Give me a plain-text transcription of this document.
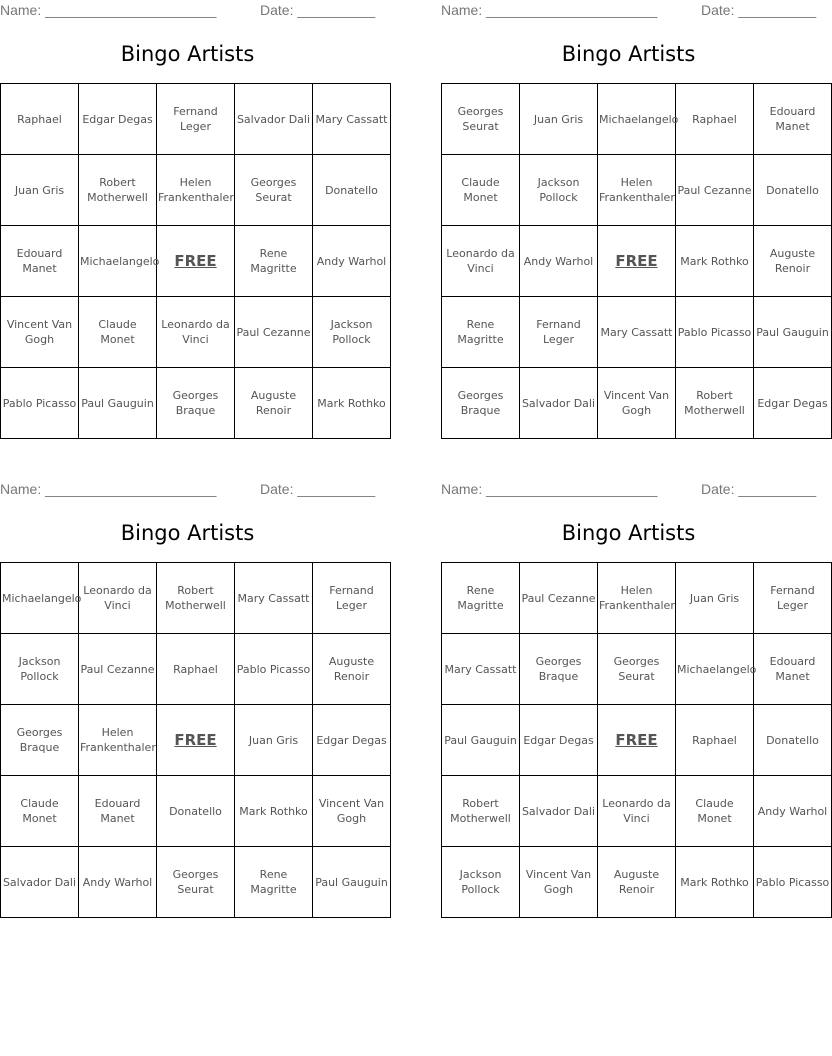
Name: ______________________	Date: __________
Bingo Artists
Raphael	Edgar Degas	Fernand Leger	Salvador Dali	Mary Cassatt
Juan Gris	Robert Motherwell	Helen Frankenthaler	Georges Seurat	Donatello
Edouard Manet	Michaelangelo	FREE	Rene Magritte	Andy Warhol
Vincent Van Gogh	Claude Monet	Leonardo da Vinci	Paul Cezanne	Jackson Pollock
Pablo Picasso	Paul Gauguin	Georges Braque	Auguste Renoir	Mark Rothko
Name: ______________________	Date: __________
Bingo Artists
Georges Seurat	Juan Gris	Michaelangelo	Raphael	Edouard Manet
Claude Monet	Jackson Pollock	Helen Frankenthaler	Paul Cezanne	Donatello
Leonardo da Vinci	Andy Warhol	FREE	Mark Rothko	Auguste Renoir
Rene Magritte	Fernand Leger	Mary Cassatt	Pablo Picasso	Paul Gauguin
Georges Braque	Salvador Dali	Vincent Van Gogh	Robert Motherwell	Edgar Degas
Name: ______________________	Date: __________
Bingo Artists
Michaelangelo	Leonardo da Vinci	Robert Motherwell	Mary Cassatt	Fernand Leger
Jackson Pollock	Paul Cezanne	Raphael	Pablo Picasso	Auguste Renoir
Georges Braque	Helen Frankenthaler	FREE	Juan Gris	Edgar Degas
Claude Monet	Edouard Manet	Donatello	Mark Rothko	Vincent Van Gogh
Salvador Dali	Andy Warhol	Georges Seurat	Rene Magritte	Paul Gauguin
Name: ______________________	Date: __________
Bingo Artists
Rene Magritte	Paul Cezanne	Helen Frankenthaler	Juan Gris	Fernand Leger
Mary Cassatt	Georges Braque	Georges Seurat	Michaelangelo	Edouard Manet
Paul Gauguin	Edgar Degas	FREE	Raphael	Donatello
Robert Motherwell	Salvador Dali	Leonardo da Vinci	Claude Monet	Andy Warhol
Jackson Pollock	Vincent Van Gogh	Auguste Renoir	Mark Rothko	Pablo Picasso
